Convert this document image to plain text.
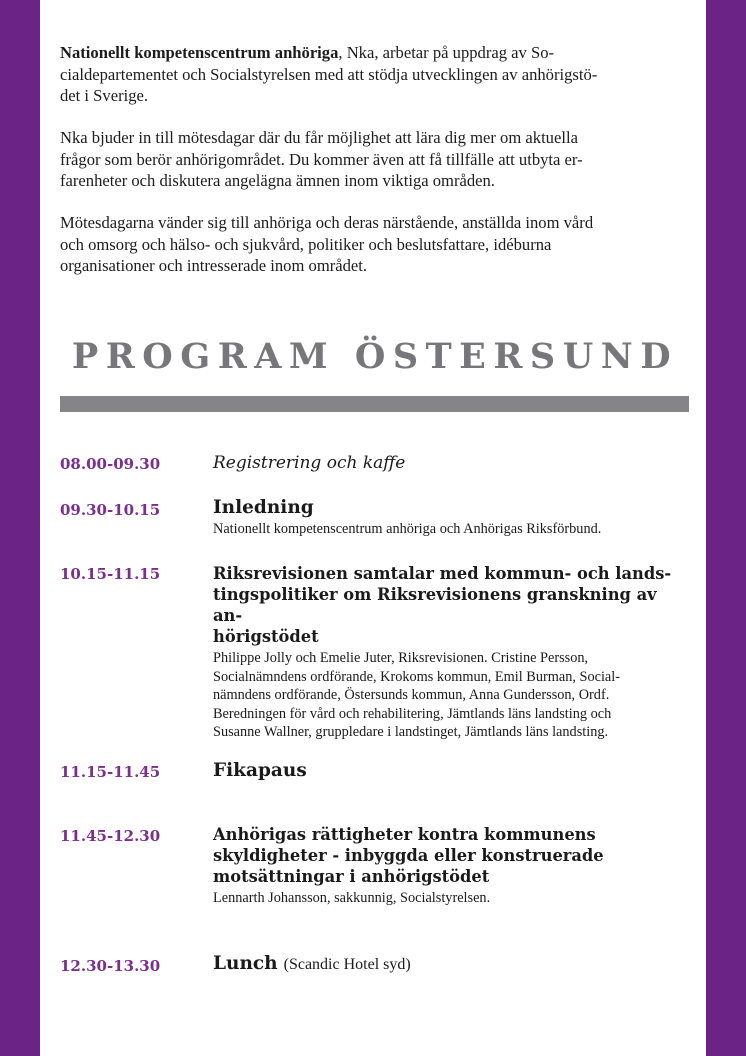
Nationellt kompetenscentrum anhöriga, Nka, arbetar på uppdrag av So-
cialdepartementet och Socialstyrelsen med att stödja utvecklingen av anhörigstö-
det i Sverige.

Nka bjuder in till mötesdagar där du får möjlighet att lära dig mer om aktuella
frågor som berör anhörigområdet. Du kommer även att få tillfälle att utbyta er-
farenheter och diskutera angelägna ämnen inom viktiga områden.

Mötesdagarna vänder sig till anhöriga och deras närstående, anställda inom vård
och omsorg och hälso- och sjukvård, politiker och beslutsfattare, idéburna
organisationer och intresserade inom området.

PROGRAM ÖSTERSUND
08.00-09.30	Registrering och kaffe
09.30-10.15	Inledning
Nationellt kompetenscentrum anhöriga och Anhörigas Riksförbund.
10.15-11.15	Riksrevisionen samtalar med kommun- och lands-
tingspolitiker om Riksrevisionens granskning av an-
hörigstödet
Philippe Jolly och Emelie Juter, Riksrevisionen. Cristine Persson,
Socialnämndens ordförande, Krokoms kommun, Emil Burman, Social-
nämndens ordförande, Östersunds kommun, Anna Gundersson, Ordf.
Beredningen för vård och rehabilitering, Jämtlands läns landsting och
Susanne Wallner, gruppledare i landstinget, Jämtlands läns landsting.
11.15-11.45	Fikapaus
11.45-12.30	Anhörigas rättigheter kontra kommunens
skyldigheter - inbyggda eller konstruerade
motsättningar i anhörigstödet
Lennarth Johansson, sakkunnig, Socialstyrelsen.
12.30-13.30	Lunch (Scandic Hotel syd)
